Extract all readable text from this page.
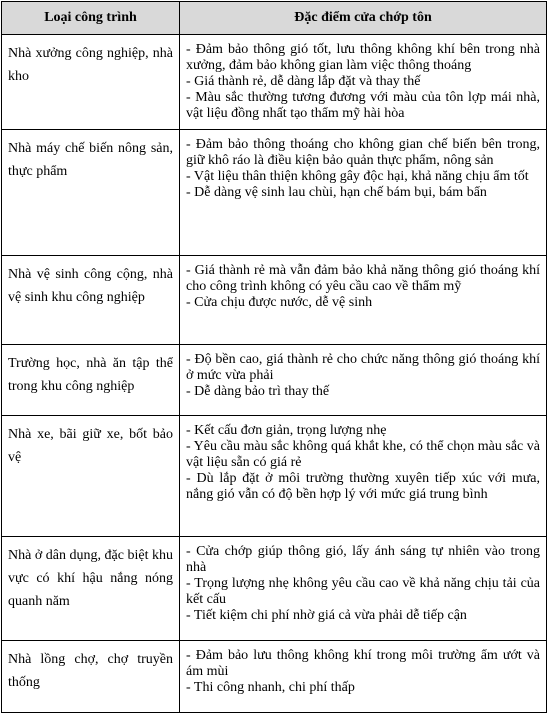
Loại công trình	Đặc điểm cửa chớp tôn
Nhà xưởng công nghiệp, nhà kho	- Đảm bảo thông gió tốt, lưu thông không khí bên trong nhà xưởng, đảm bảo không gian làm việc thông thoáng
- Giá thành rẻ, dễ dàng lắp đặt và thay thế
- Màu sắc thường tương đương với màu của tôn lợp mái nhà, vật liệu đồng nhất tạo thẩm mỹ hài hòa

Nhà máy chế biến nông sản, thực phẩm	- Đảm bảo thông thoáng cho không gian chế biến bên trong, giữ khô ráo là điều kiện bảo quản thực phẩm, nông sản
- Vật liệu thân thiện không gây độc hại, khả năng chịu ẩm tốt
- Dễ dàng vệ sinh lau chùi, hạn chế bám bụi, bám bẩn

Nhà vệ sinh công cộng, nhà vệ sinh khu công nghiệp	- Giá thành rẻ mà vẫn đảm bảo khả năng thông gió thoáng khí cho công trình không có yêu cầu cao về thẩm mỹ
- Cửa chịu được nước, dễ vệ sinh

Trường học, nhà ăn tập thể trong khu công nghiệp	- Độ bền cao, giá thành rẻ cho chức năng thông gió thoáng khí ở mức vừa phải
- Dễ dàng bảo trì thay thế

Nhà xe, bãi giữ xe, bốt bảo vệ	- Kết cấu đơn giản, trọng lượng nhẹ
- Yêu cầu màu sắc không quá khắt khe, có thể chọn màu sắc và vật liệu sẵn có giá rẻ
- Dù lắp đặt ở môi trường thường xuyên tiếp xúc với mưa, nắng gió vẫn có độ bền hợp lý với mức giá trung bình

Nhà ở dân dụng, đặc biệt khu vực có khí hậu nắng nóng quanh năm	- Cửa chớp giúp thông gió, lấy ánh sáng tự nhiên vào trong nhà
- Trọng lượng nhẹ không yêu cầu cao về khả năng chịu tải của kết cấu
- Tiết kiệm chi phí nhờ giá cả vừa phải dễ tiếp cận

Nhà lồng chợ, chợ truyền thống	- Đảm bảo lưu thông không khí trong môi trường ẩm ướt và ám mùi
- Thi công nhanh, chi phí thấp
